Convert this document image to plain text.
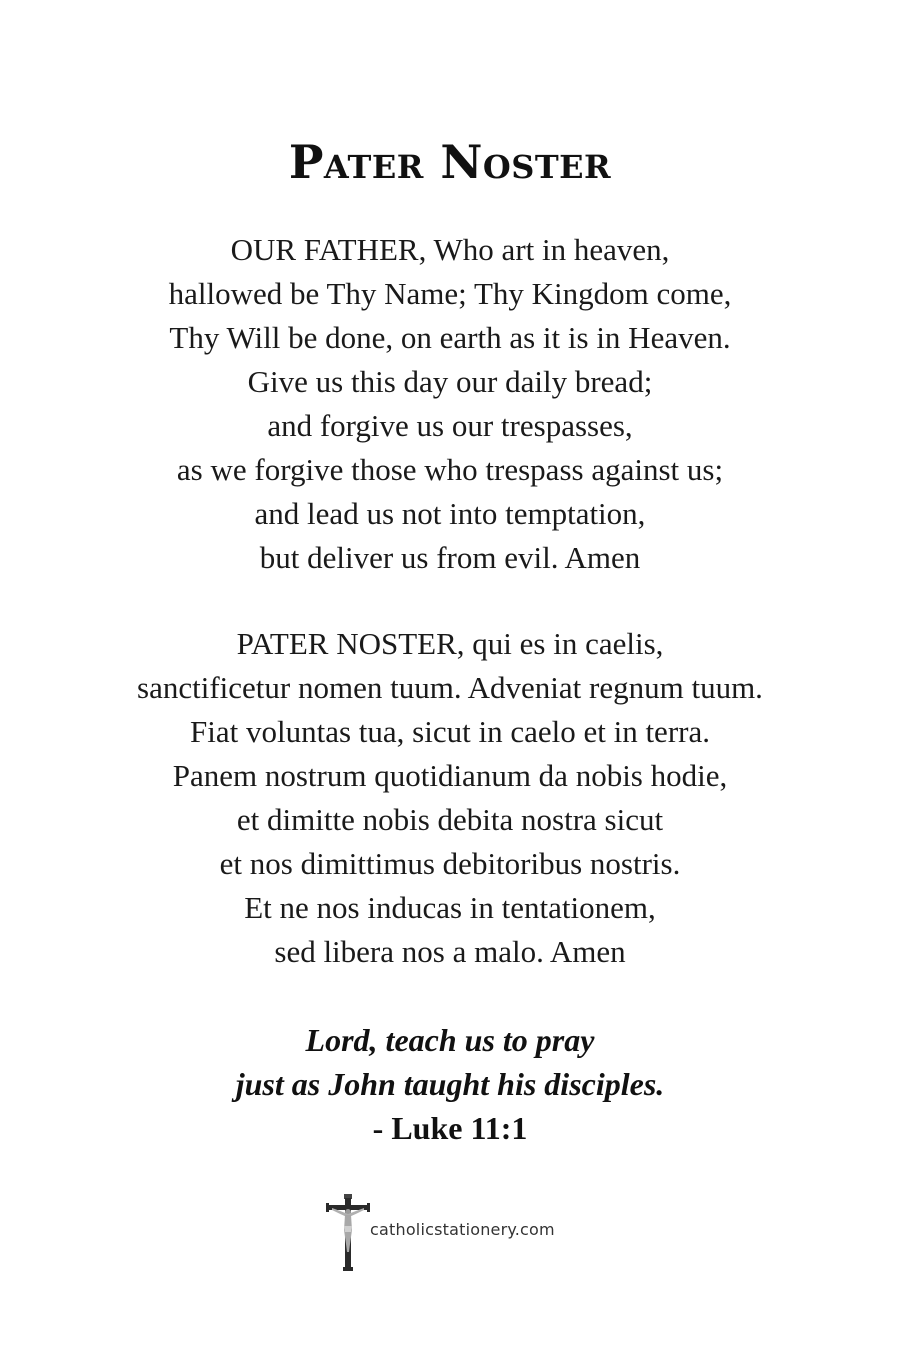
Pater Noster
OUR FATHER, Who art in heaven,
hallowed be Thy Name; Thy Kingdom come,
Thy Will be done, on earth as it is in Heaven.
Give us this day our daily bread;
and forgive us our trespasses,
as we forgive those who trespass against us;
and lead us not into temptation,
but deliver us from evil. Amen
PATER NOSTER, qui es in caelis,
sanctificetur nomen tuum. Adveniat regnum tuum.
Fiat voluntas tua, sicut in caelo et in terra.
Panem nostrum quotidianum da nobis hodie,
et dimitte nobis debita nostra sicut
et nos dimittimus debitoribus nostris.
Et ne nos inducas in tentationem,
sed libera nos a malo. Amen
Lord, teach us to pray
just as John taught his disciples.
- Luke 11:1
catholicstationery.com
